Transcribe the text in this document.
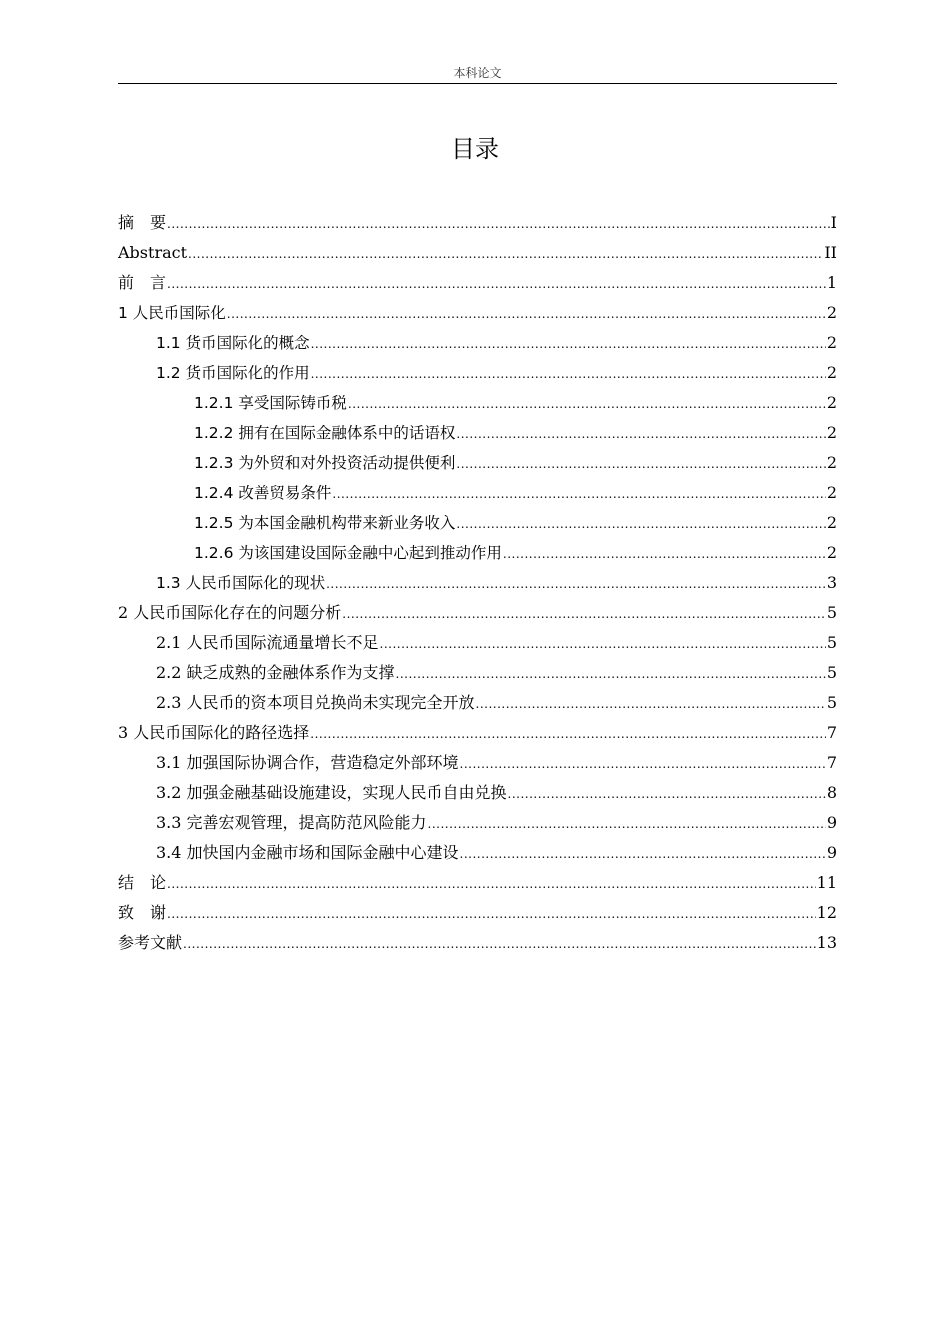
本科论文
目录
摘　要 .....	I
Abstract .....	II
前　言 .....	1
1 人民币国际化 .....	2
1.1 货币国际化的概念 .....	2
1.2 货币国际化的作用 .....	2
1.2.1 享受国际铸币税 .....	2
1.2.2 拥有在国际金融体系中的话语权 .....	2
1.2.3 为外贸和对外投资活动提供便利 .....	2
1.2.4 改善贸易条件 .....	2
1.2.5 为本国金融机构带来新业务收入 .....	2
1.2.6 为该国建设国际金融中心起到推动作用 .....	2
1.3 人民币国际化的现状 .....	3
2 人民币国际化存在的问题分析 .....	5
2.1 人民币国际流通量增长不足 .....	5
2.2 缺乏成熟的金融体系作为支撑 .....	5
2.3 人民币的资本项目兑换尚未实现完全开放 .....	5
3 人民币国际化的路径选择 .....	7
3.1 加强国际协调合作，营造稳定外部环境 .....	7
3.2 加强金融基础设施建设，实现人民币自由兑换 .....	8
3.3 完善宏观管理，提高防范风险能力 .....	9
3.4 加快国内金融市场和国际金融中心建设 .....	9
结　论 .....	11
致　谢 .....	12
参考文献 .....	13
